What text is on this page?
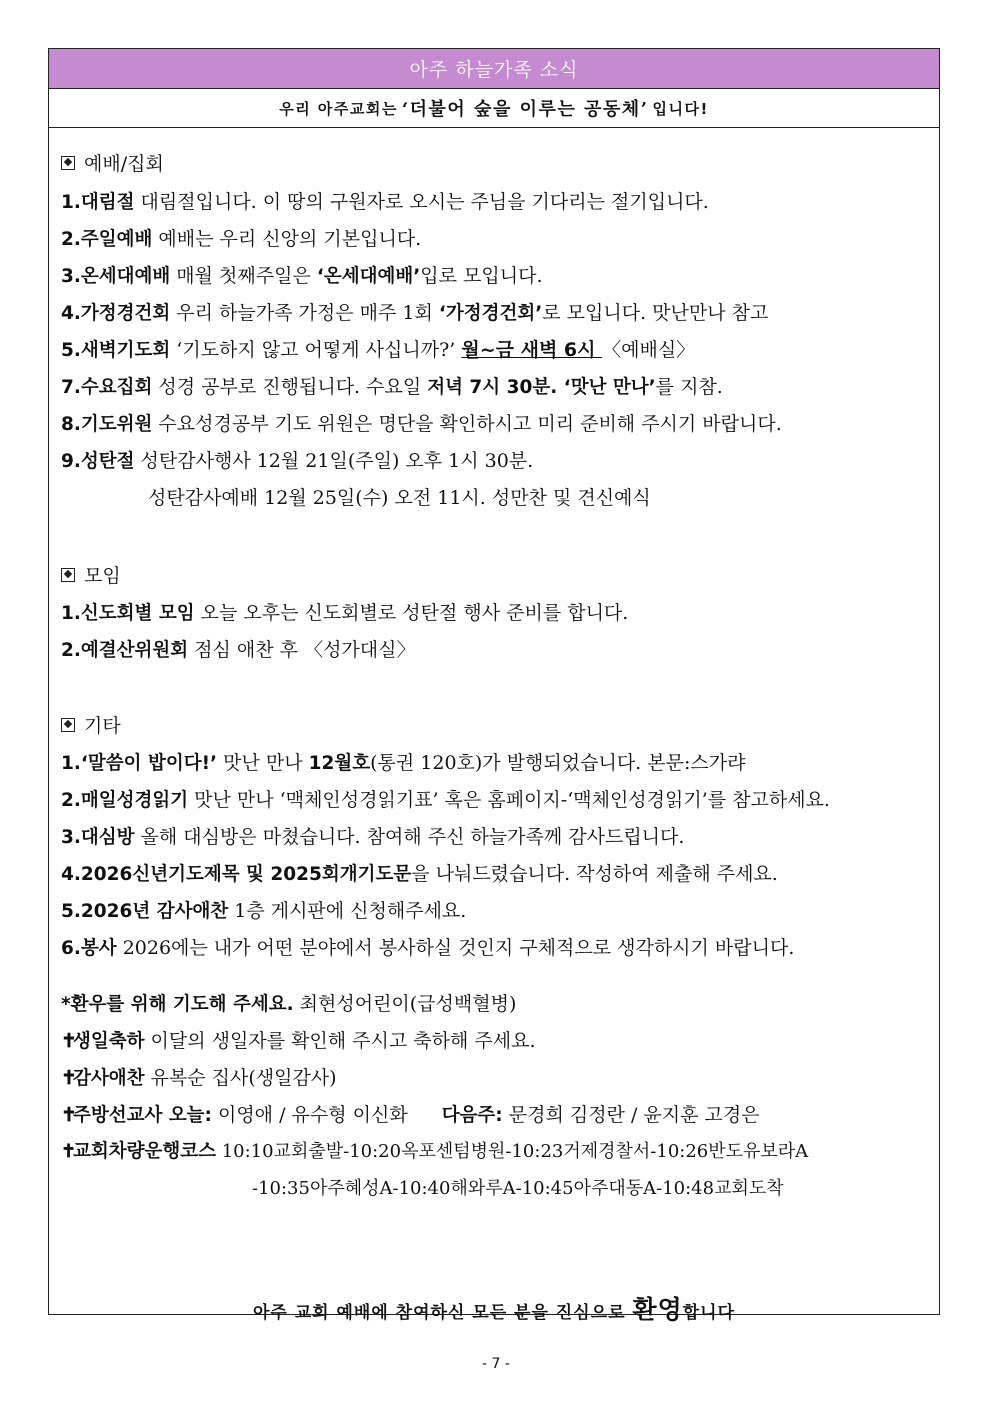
아주 하늘가족 소식
우리 아주교회는 ‘더불어 숲을 이루는 공동체’ 입니다!
예배/집회
1.대림절 대림절입니다. 이 땅의 구원자로 오시는 주님을 기다리는 절기입니다.
2.주일예배 예배는 우리 신앙의 기본입니다.
3.온세대예배 매월 첫째주일은 ‘온세대예배’입로 모입니다.
4.가정경건회 우리 하늘가족 가정은 매주 1회 ‘가정경건회’로 모입니다. 맛난만나 참고
5.새벽기도회 ‘기도하지 않고 어떻게 사십니까?’ 월~금 새벽 6시 〈예배실〉
7.수요집회 성경 공부로 진행됩니다. 수요일 저녁 7시 30분. ‘맛난 만나’를 지참.
8.기도위원 수요성경공부 기도 위원은 명단을 확인하시고 미리 준비해 주시기 바랍니다.
9.성탄절 성탄감사행사 12월 21일(주일) 오후 1시 30분.
성탄감사예배 12월 25일(수) 오전 11시. 성만찬 및 견신예식
모임
1.신도회별 모임 오늘 오후는 신도회별로 성탄절 행사 준비를 합니다.
2.예결산위원회 점심 애찬 후 〈성가대실〉
기타
1.‘말씀이 밥이다!’ 맛난 만나 12월호(통권 120호)가 발행되었습니다. 본문:스가랴
2.매일성경읽기 맛난 만나 ‘맥체인성경읽기표’ 혹은 홈페이지-‘맥체인성경읽기’를 참고하세요.
3.대심방 올해 대심방은 마쳤습니다. 참여해 주신 하늘가족께 감사드립니다.
4.2026신년기도제목 및 2025회개기도문을 나눠드렸습니다. 작성하여 제출해 주세요.
5.2026년 감사애찬 1층 게시판에 신청해주세요.
6.봉사 2026에는 내가 어떤 분야에서 봉사하실 것인지 구체적으로 생각하시기 바랍니다.
*환우를 위해 기도해 주세요. 최현성어린이(급성백혈병)
✝생일축하 이달의 생일자를 확인해 주시고 축하해 주세요.
✝감사애찬 유복순 집사(생일감사)
✝주방선교사 오늘: 이영애 / 유수형 이신화 다음주: 문경희 김정란 / 윤지훈 고경은
✝교회차량운행코스 10:10교회출발-10:20옥포센텀병원-10:23거제경찰서-10:26반도유보라A
-10:35아주혜성A-10:40해와루A-10:45아주대동A-10:48교회도착
아주 교회 예배에 참여하신 모든 분을 진심으로 환영합니다
- 7 -
